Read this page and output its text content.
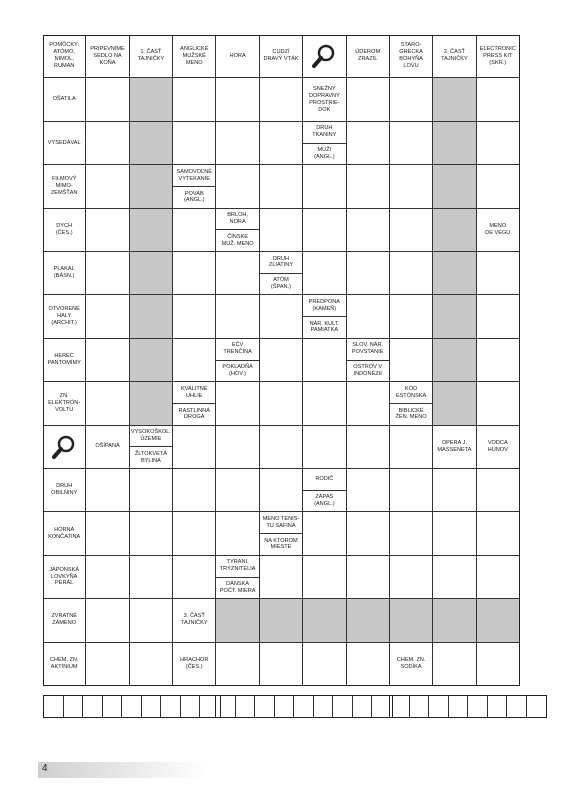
POMÔCKY:
ATÓMO,
NIMOL,
RUMAN
PRIPEVNIME
SEDLO NA
KOŇA
1. ČASŤ
TAJNIČKY
ANGLICKÉ
MUŽSKÉ
MENO
HORA
CUDZÍ
DRAVÝ VTÁK
ÚDEROM
ZRAZIL
STARO-
GRÉCKA
BOHYŇA
LOVU
2. ČASŤ
TAJNIČKY
ELECTRONIC
PRESS KIT
(SKR.)
OŠATILA
SNEŽNÝ
DOPRAVNÝ
PROSTRIE-
DOK
VYSEDÁVAL
DRUH
TKANINY
MUŽI
(ANGL.)
FILMOVÝ
MIMO-
ZEMŠŤAN
SAMOVOĽNÉ
VYTEKANIE
POVAB
(ANGL.)
DYCH
(ČES.)
BRLOH,
NORA
ČÍNSKE
MUŽ. MENO
MENO
DE VEGU
PLAKAL
(BÁSN.)
DRUH
ZLIATINY
ATÓM
(ŠPAN.)
OTVORENÉ
HALY
(ARCHIT.)
PREDPONA
(KAMEŇ)
NÁR. KULT.
PAMIATKA
HEREC
PANTOMÍMY
EČV
TRENČÍNA
POKLADŇA
(HOV.)
SLOV. NÁR.
POVSTANIE
OSTROV V
INDONÉZII
ZN.
ELEKTRÓN-
VOLTU
KVALITNÉ
UHLIE
RASTLINNÁ
DROGA
KÓD
ESTÓNSKA
BIBLICKÉ
ŽEN. MENO
OŠÍPANÁ
VYSOKOŠKOL.
ÚZEMIE
ŽLTOKVETÁ
BYLINA
OPERA J.
MASSENETA
VODCA
HUNOV
DRUH
OBILNINY
RODIČ
ZÁPAS
(ANGL.)
HORNÁ
KONČATINA
MENO TENIS-
TU SAFINA
NA KTOROM
MIESTE
JAPONSKÁ
LOVKYŇA
PERÁL
TYRANI,
TRÝZNITELIA
DÁNSKA
POČT. MIERA
ZVRATNÉ
ZÁMENO
3. ČASŤ
TAJNIČKY
CHEM. ZN.
AKTÍNIUM
HRACHOR
(ČES.)
CHEM. ZN.
SODÍKA
4
